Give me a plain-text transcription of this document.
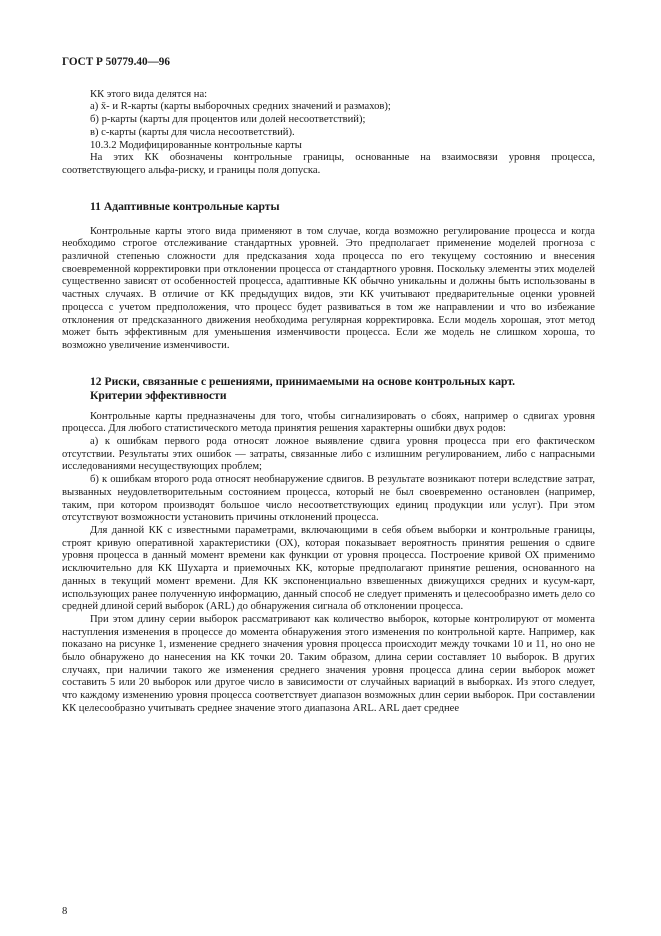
ГОСТ Р 50779.40—96

КК этого вида делятся на:

а) x̄- и R-карты (карты выборочных средних значений и размахов);

б) p-карты (карты для процентов или долей несоответствий);

в) c-карты (карты для числа несоответствий).

10.3.2 Модифицированные контрольные карты

На этих КК обозначены контрольные границы, основанные на взаимосвязи уровня процесса, соответствующего альфа-риску, и границы поля допуска.

11 Адаптивные контрольные карты

Контрольные карты этого вида применяют в том случае, когда возможно регулирование процесса и когда необходимо строгое отслеживание стандартных уровней. Это предполагает применение моделей прогноза с различной степенью сложности для предсказания хода процесса по его текущему состоянию и внесения своевременной корректировки при отклонении процесса от стандартного уровня. Поскольку элементы этих моделей существенно зависят от особенностей процесса, адаптивные КК обычно уникальны и должны быть использованы в частных случаях. В отличие от КК предыдущих видов, эти КК учитывают предварительные оценки уровней процесса с учетом предположения, что процесс будет развиваться в том же направлении и что во избежание отклонения от предсказанного движения необходима регулярная корректировка. Если модель хорошая, этот метод может быть эффективным для уменьшения изменчивости процесса. Если же модель не слишком хороша, то возможно увеличение изменчивости.

12 Риски, связанные с решениями, принимаемыми на основе контрольных карт.
Критерии эффективности

Контрольные карты предназначены для того, чтобы сигнализировать о сбоях, например о сдвигах уровня процесса. Для любого статистического метода принятия решения характерны ошибки двух родов:

а) к ошибкам первого рода относят ложное выявление сдвига уровня процесса при его фактическом отсутствии. Результаты этих ошибок — затраты, связанные либо с излишним регулированием, либо с напрасными исследованиями несуществующих проблем;

б) к ошибкам второго рода относят необнаружение сдвигов. В результате возникают потери вследствие затрат, вызванных неудовлетворительным состоянием процесса, который не был своевременно остановлен (например, таким, при котором производят большое число несоответствующих единиц продукции или услуг). При этом отсутствуют возможности установить причины отклонений процесса.

Для данной КК с известными параметрами, включающими в себя объем выборки и контрольные границы, строят кривую оперативной характеристики (ОХ), которая показывает вероятность принятия решения о сдвиге уровня процесса в данный момент времени как функции от уровня процесса. Построение кривой ОХ применимо исключительно для КК Шухарта и приемочных КК, которые предполагают принятие решения, основанного на данных в текущий момент времени. Для КК экспоненциально взвешенных движущихся средних и кусум-карт, использующих ранее полученную информацию, данный способ не следует применять и целесообразно иметь дело со средней длиной серий выборок (ARL) до обнаружения сигнала об отклонении процесса.

При этом длину серии выборок рассматривают как количество выборок, которые контролируют от момента наступления изменения в процессе до момента обнаружения этого изменения по контрольной карте. Например, как показано на рисунке 1, изменение среднего значения уровня процесса происходит между точками 10 и 11, но оно не было обнаружено до нанесения на КК точки 20. Таким образом, длина серии составляет 10 выборок. В других случаях, при наличии такого же изменения среднего значения уровня процесса длина серии выборок может составить 5 или 20 выборок или другое число в зависимости от случайных вариаций в выборках. Из этого следует, что каждому изменению уровня процесса соответствует диапазон возможных длин серии выборок. При составлении КК целесообразно учитывать среднее значение этого диапазона ARL. ARL дает среднее

8
